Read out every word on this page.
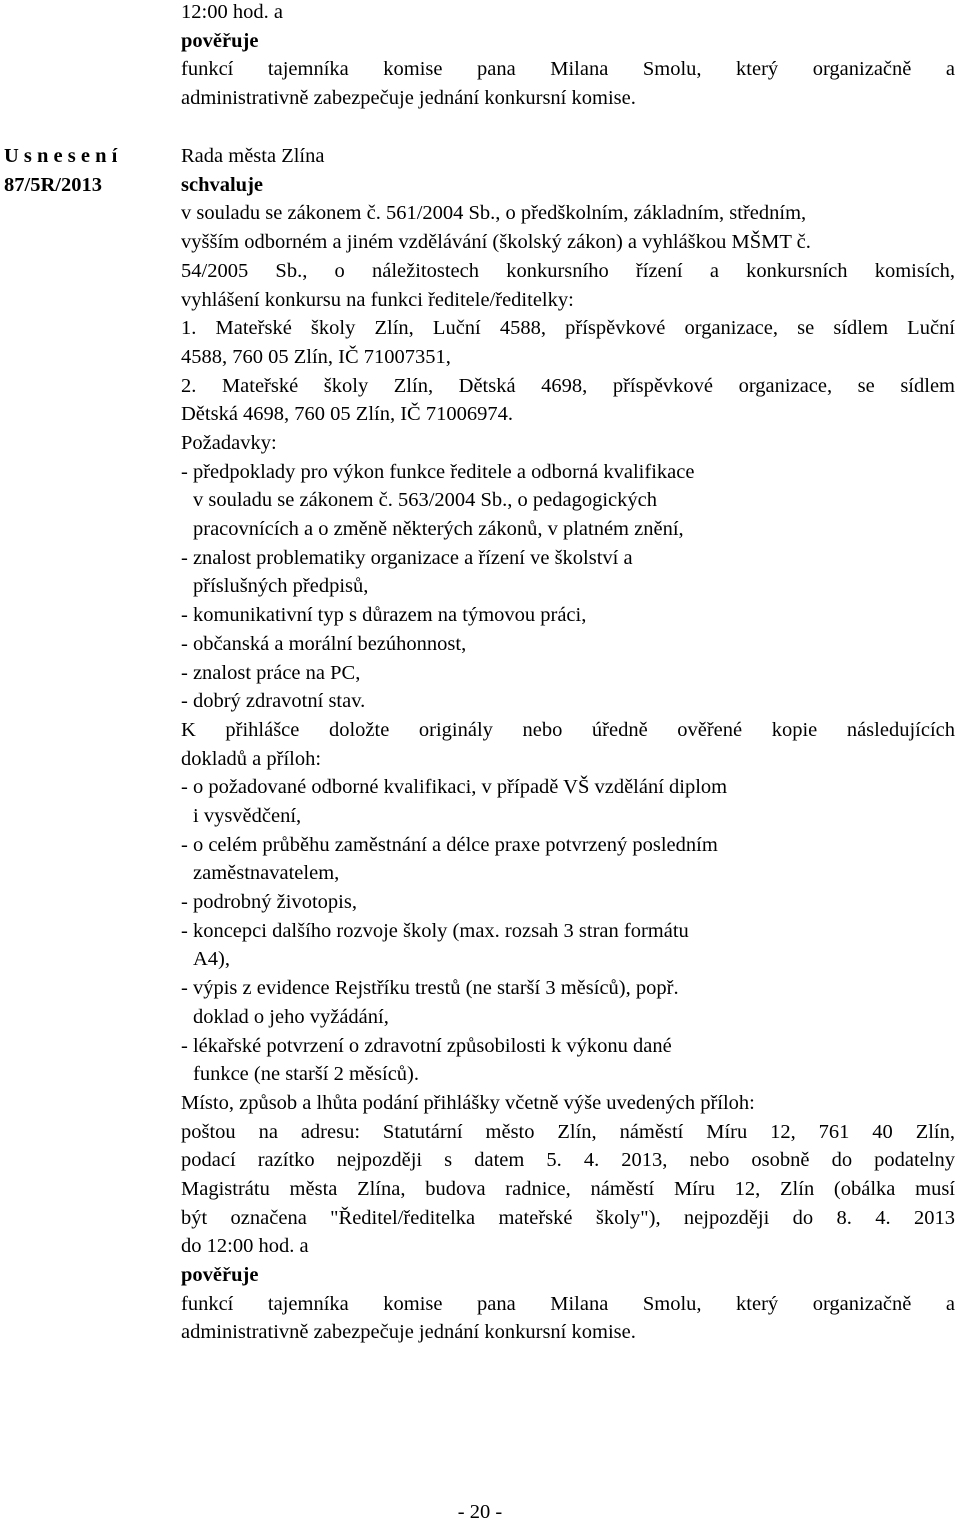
12:00 hod. a
pověřuje
funkcí tajemníka komise pana Milana Smolu, který organizačně a
administrativně zabezpečuje jednání konkursní komise.
U s n e s e n í
87/5R/2013
Rada města Zlína
schvaluje
v souladu se zákonem č. 561/2004 Sb., o předškolním, základním, středním,
vyšším odborném a jiném vzdělávání (školský zákon) a vyhláškou MŠMT č.
54/2005 Sb., o náležitostech konkursního řízení a konkursních komisích,
vyhlášení konkursu na funkci ředitele/ředitelky:
1. Mateřské školy Zlín, Luční 4588, příspěvkové organizace, se sídlem Luční
4588, 760 05 Zlín, IČ 71007351,
2. Mateřské školy Zlín, Dětská 4698, příspěvkové organizace, se sídlem
Dětská 4698, 760 05 Zlín, IČ 71006974.
Požadavky:
- předpoklady pro výkon funkce ředitele a odborná kvalifikace
v souladu se zákonem č. 563/2004 Sb., o pedagogických
pracovnících a o změně některých zákonů, v platném znění,
- znalost problematiky organizace a řízení ve školství a
příslušných předpisů,
- komunikativní typ s důrazem na týmovou práci,
- občanská a morální bezúhonnost,
- znalost práce na PC,
- dobrý zdravotní stav.
K přihlášce doložte originály nebo úředně ověřené kopie následujících
dokladů a příloh:
- o požadované odborné kvalifikaci, v případě VŠ vzdělání diplom
i vysvědčení,
- o celém průběhu zaměstnání a délce praxe potvrzený posledním
zaměstnavatelem,
- podrobný životopis,
- koncepci dalšího rozvoje školy (max. rozsah 3 stran formátu
A4),
- výpis z evidence Rejstříku trestů (ne starší 3 měsíců), popř.
doklad o jeho vyžádání,
- lékařské potvrzení o zdravotní způsobilosti k výkonu dané
funkce (ne starší 2 měsíců).
Místo, způsob a lhůta podání přihlášky včetně výše uvedených příloh:
poštou na adresu: Statutární město Zlín, náměstí Míru 12, 761 40 Zlín,
podací razítko nejpozději s datem 5. 4. 2013, nebo osobně do podatelny
Magistrátu města Zlína, budova radnice, náměstí Míru 12, Zlín (obálka musí
být označena "Ředitel/ředitelka mateřské školy"), nejpozději do 8. 4. 2013
do 12:00 hod. a
pověřuje
funkcí tajemníka komise pana Milana Smolu, který organizačně a
administrativně zabezpečuje jednání konkursní komise.
- 20 -
